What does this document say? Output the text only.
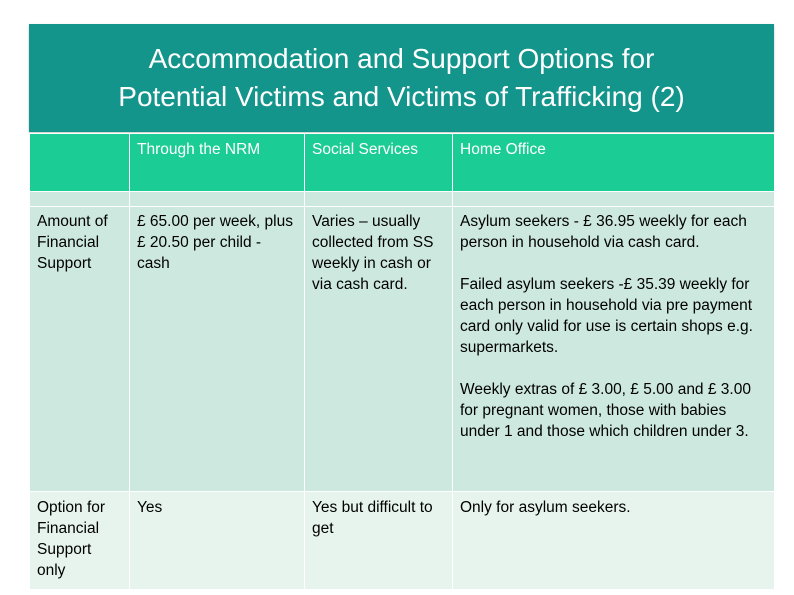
Accommodation and Support Options for
Potential Victims and Victims of Trafficking (2)
	Through the NRM	Social Services	Home Office

Amount of Financial Support	£ 65.00 per week, plus £ 20.50 per child - cash	Varies – usually collected from SS weekly in cash or via cash card.	Asylum seekers - £ 36.95 weekly for each person in household via cash card.
Failed asylum seekers -£ 35.39 weekly for each person in household via pre payment card only valid for use is certain shops e.g. supermarkets.
Weekly extras of £ 3.00, £ 5.00 and £ 3.00 for pregnant women, those with babies under 1 and those which children under 3.

Option for Financial Support only	Yes	Yes but difficult to get	Only for asylum seekers.
